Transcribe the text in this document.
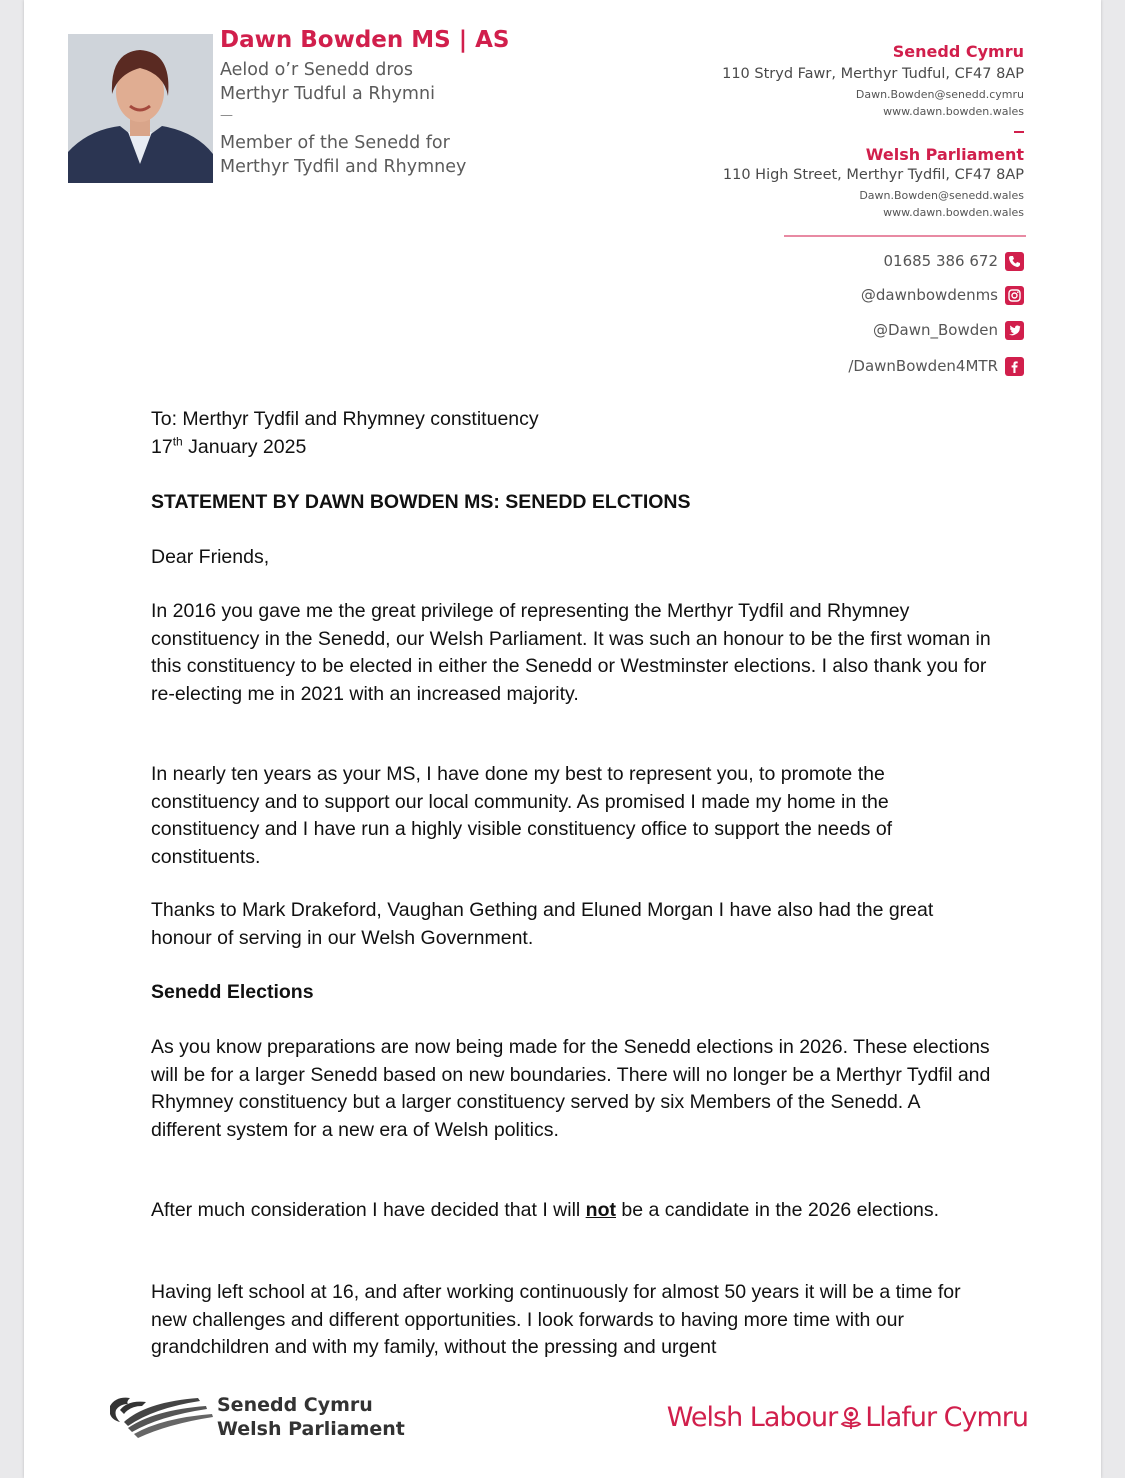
Dawn Bowden MS | AS
Aelod o’r Senedd dros
Merthyr Tudful a Rhymni
—
Member of the Senedd for
Merthyr Tydfil and Rhymney
Senedd Cymru
110 Stryd Fawr, Merthyr Tudful, CF47 8AP
Dawn.Bowden@senedd.cymru
www.dawn.bowden.wales
Welsh Parliament
110 High Street, Merthyr Tydfil, CF47 8AP
Dawn.Bowden@senedd.wales
www.dawn.bowden.wales
01685 386 672
@dawnbowdenms
@Dawn_Bowden
/DawnBowden4MTR
To: Merthyr Tydfil and Rhymney constituency
17th January 2025
STATEMENT BY DAWN BOWDEN MS: SENEDD ELCTIONS
Dear Friends,
In 2016 you gave me the great privilege of representing the Merthyr Tydfil and Rhymney constituency in the Senedd, our Welsh Parliament. It was such an honour to be the first woman in this constituency to be elected in either the Senedd or Westminster elections. I also thank you for re-electing me in 2021 with an increased majority.
In nearly ten years as your MS, I have done my best to represent you, to promote the constituency and to support our local community. As promised I made my home in the constituency and I have run a highly visible constituency office to support the needs of constituents.
Thanks to Mark Drakeford, Vaughan Gething and Eluned Morgan I have also had the great honour of serving in our Welsh Government.
Senedd Elections
As you know preparations are now being made for the Senedd elections in 2026. These elections will be for a larger Senedd based on new boundaries. There will no longer be a Merthyr Tydfil and Rhymney constituency but a larger constituency served by six Members of the Senedd. A different system for a new era of Welsh politics.
After much consideration I have decided that I will not be a candidate in the 2026 elections.
Having left school at 16, and after working continuously for almost 50 years it will be a time for new challenges and different opportunities. I look forwards to having more time with our grandchildren and with my family, without the pressing and urgent
Senedd Cymru
Welsh Parliament	Welsh Labour Llafur Cymru
